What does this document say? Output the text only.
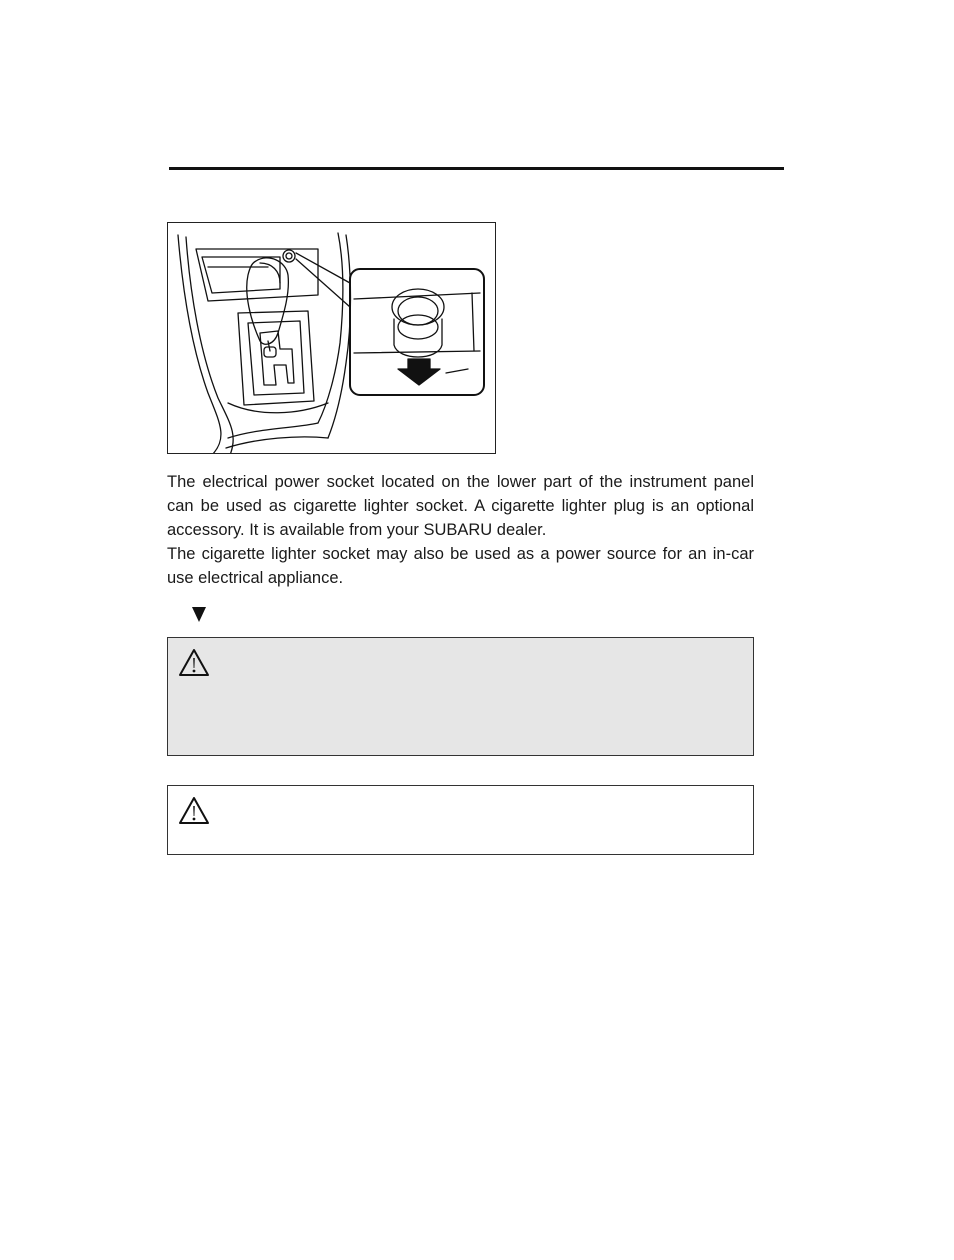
The electrical power socket located on the lower part of the instrument panel can be used as cigarette lighter socket. A cigarette lighter plug is an optional accessory. It is available from your SUBARU dealer.

The cigarette lighter socket may also be used as a power source for an in-car use electrical appliance.
